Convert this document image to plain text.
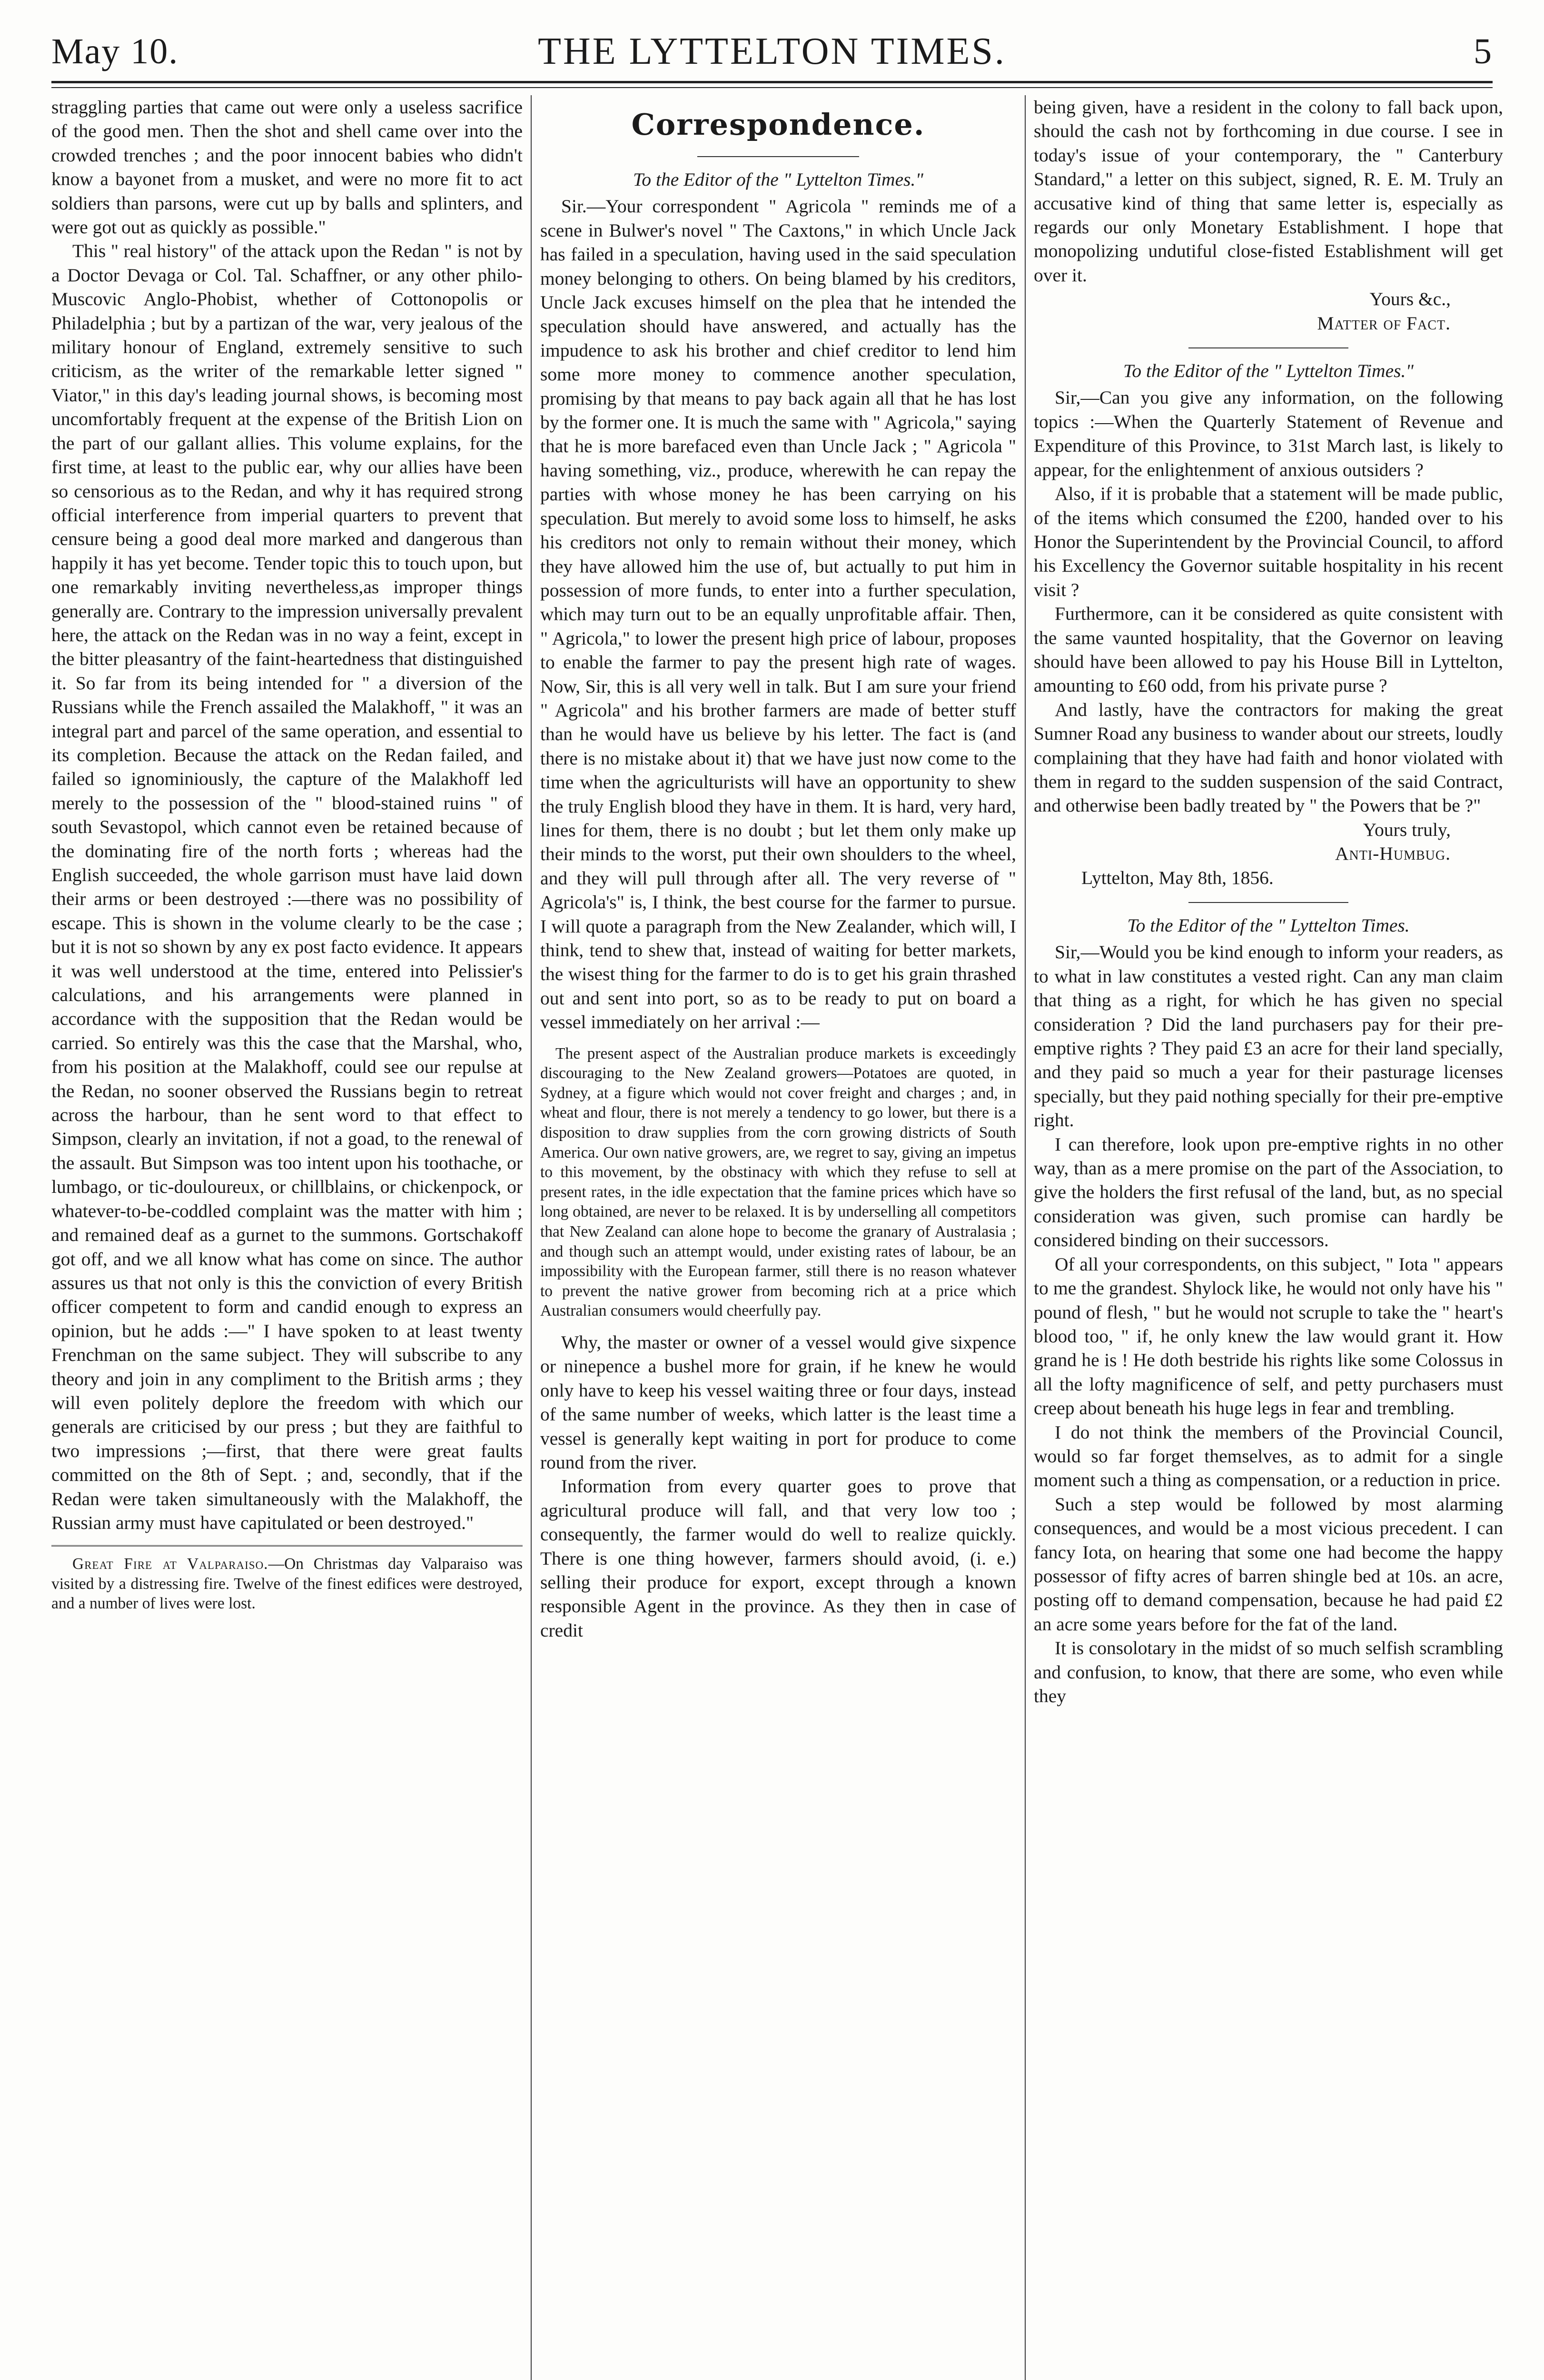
May 10.	THE LYTTELTON TIMES.	5

straggling parties that came out were only a useless sacrifice of the good men. Then the shot and shell came over into the crowded trenches ; and the poor innocent babies who didn't know a bayonet from a musket, and were no more fit to act soldiers than parsons, were cut up by balls and splinters, and were got out as quickly as possible."

This " real history" of the attack upon the Redan " is not by a Doctor Devaga or Col. Tal. Schaffner, or any other philo-Muscovic Anglo-Phobist, whether of Cottonopolis or Philadelphia ; but by a partizan of the war, very jealous of the military honour of England, extremely sensitive to such criticism, as the writer of the remarkable letter signed " Viator," in this day's leading journal shows, is becoming most uncomfortably frequent at the expense of the British Lion on the part of our gallant allies. This volume explains, for the first time, at least to the public ear, why our allies have been so censorious as to the Redan, and why it has required strong official interference from imperial quarters to prevent that censure being a good deal more marked and dangerous than happily it has yet become. Tender topic this to touch upon, but one remarkably inviting nevertheless,as improper things generally are. Contrary to the impression universally prevalent here, the attack on the Redan was in no way a feint, except in the bitter pleasantry of the faint-heartedness that distinguished it. So far from its being intended for " a diversion of the Russians while the French assailed the Malakhoff, " it was an integral part and parcel of the same operation, and essential to its completion. Because the attack on the Redan failed, and failed so ignominiously, the capture of the Malakhoff led merely to the possession of the " blood-stained ruins " of south Sevastopol, which cannot even be retained because of the dominating fire of the north forts ; whereas had the English succeeded, the whole garrison must have laid down their arms or been destroyed :—there was no possibility of escape. This is shown in the volume clearly to be the case ; but it is not so shown by any ex post facto evidence. It appears it was well understood at the time, entered into Pelissier's calculations, and his arrangements were planned in accordance with the supposition that the Redan would be carried. So entirely was this the case that the Marshal, who, from his position at the Malakhoff, could see our repulse at the Redan, no sooner observed the Russians begin to retreat across the harbour, than he sent word to that effect to Simpson, clearly an invitation, if not a goad, to the renewal of the assault. But Simpson was too intent upon his toothache, or lumbago, or tic-douloureux, or chillblains, or chickenpock, or whatever-to-be-coddled complaint was the matter with him ; and remained deaf as a gurnet to the summons. Gortschakoff got off, and we all know what has come on since. The author assures us that not only is this the conviction of every British officer competent to form and candid enough to express an opinion, but he adds :—" I have spoken to at least twenty Frenchman on the same subject. They will subscribe to any theory and join in any compliment to the British arms ; they will even politely deplore the freedom with which our generals are criticised by our press ; but they are faithful to two impressions ;—first, that there were great faults committed on the 8th of Sept. ; and, secondly, that if the Redan were taken simultaneously with the Malakhoff, the Russian army must have capitulated or been destroyed."

Great Fire at Valparaiso.—On Christmas day Valparaiso was visited by a distressing fire. Twelve of the finest edifices were destroyed, and a number of lives were lost.

Correspondence.

To the Editor of the " Lyttelton Times."

Sir.—Your correspondent " Agricola " reminds me of a scene in Bulwer's novel " The Caxtons," in which Uncle Jack has failed in a speculation, having used in the said speculation money belonging to others. On being blamed by his creditors, Uncle Jack excuses himself on the plea that he intended the speculation should have answered, and actually has the impudence to ask his brother and chief creditor to lend him some more money to commence another speculation, promising by that means to pay back again all that he has lost by the former one. It is much the same with " Agricola," saying that he is more barefaced even than Uncle Jack ; " Agricola " having something, viz., produce, wherewith he can repay the parties with whose money he has been carrying on his speculation. But merely to avoid some loss to himself, he asks his creditors not only to remain without their money, which they have allowed him the use of, but actually to put him in possession of more funds, to enter into a further speculation, which may turn out to be an equally unprofitable affair. Then, " Agricola," to lower the present high price of labour, proposes to enable the farmer to pay the present high rate of wages. Now, Sir, this is all very well in talk. But I am sure your friend " Agricola" and his brother farmers are made of better stuff than he would have us believe by his letter. The fact is (and there is no mistake about it) that we have just now come to the time when the agriculturists will have an opportunity to shew the truly English blood they have in them. It is hard, very hard, lines for them, there is no doubt ; but let them only make up their minds to the worst, put their own shoulders to the wheel, and they will pull through after all. The very reverse of " Agricola's" is, I think, the best course for the farmer to pursue. I will quote a paragraph from the New Zealander, which will, I think, tend to shew that, instead of waiting for better markets, the wisest thing for the farmer to do is to get his grain thrashed out and sent into port, so as to be ready to put on board a vessel immediately on her arrival :—

The present aspect of the Australian produce markets is exceedingly discouraging to the New Zealand growers—Potatoes are quoted, in Sydney, at a figure which would not cover freight and charges ; and, in wheat and flour, there is not merely a tendency to go lower, but there is a disposition to draw supplies from the corn growing districts of South America. Our own native growers, are, we regret to say, giving an impetus to this movement, by the obstinacy with which they refuse to sell at present rates, in the idle expectation that the famine prices which have so long obtained, are never to be relaxed. It is by underselling all competitors that New Zealand can alone hope to become the granary of Australasia ; and though such an attempt would, under existing rates of labour, be an impossibility with the European farmer, still there is no reason whatever to prevent the native grower from becoming rich at a price which Australian consumers would cheerfully pay.

Why, the master or owner of a vessel would give sixpence or ninepence a bushel more for grain, if he knew he would only have to keep his vessel waiting three or four days, instead of the same number of weeks, which latter is the least time a vessel is generally kept waiting in port for produce to come round from the river.

Information from every quarter goes to prove that agricultural produce will fall, and that very low too ; consequently, the farmer would do well to realize quickly. There is one thing however, farmers should avoid, (i. e.) selling their produce for export, except through a known responsible Agent in the province. As they then in case of credit

being given, have a resident in the colony to fall back upon, should the cash not by forthcoming in due course. I see in today's issue of your contemporary, the " Canterbury Standard," a letter on this subject, signed, R. E. M. Truly an accusative kind of thing that same letter is, especially as regards our only Monetary Establishment. I hope that monopolizing undutiful close-fisted Establishment will get over it.

Yours &c.,

Matter of Fact.

To the Editor of the " Lyttelton Times."

Sir,—Can you give any information, on the following topics :—When the Quarterly Statement of Revenue and Expenditure of this Province, to 31st March last, is likely to appear, for the enlightenment of anxious outsiders ?

Also, if it is probable that a statement will be made public, of the items which consumed the £200, handed over to his Honor the Superintendent by the Provincial Council, to afford his Excellency the Governor suitable hospitality in his recent visit ?

Furthermore, can it be considered as quite consistent with the same vaunted hospitality, that the Governor on leaving should have been allowed to pay his House Bill in Lyttelton, amounting to £60 odd, from his private purse ?

And lastly, have the contractors for making the great Sumner Road any business to wander about our streets, loudly complaining that they have had faith and honor violated with them in regard to the sudden suspension of the said Contract, and otherwise been badly treated by " the Powers that be ?"

Yours truly,

Anti-Humbug.

Lyttelton, May 8th, 1856.

To the Editor of the " Lyttelton Times.

Sir,—Would you be kind enough to inform your readers, as to what in law constitutes a vested right. Can any man claim that thing as a right, for which he has given no special consideration ? Did the land purchasers pay for their pre-emptive rights ? They paid £3 an acre for their land specially, and they paid so much a year for their pasturage licenses specially, but they paid nothing specially for their pre-emptive right.

I can therefore, look upon pre-emptive rights in no other way, than as a mere promise on the part of the Association, to give the holders the first refusal of the land, but, as no special consideration was given, such promise can hardly be considered binding on their successors.

Of all your correspondents, on this subject, " Iota " appears to me the grandest. Shylock like, he would not only have his " pound of flesh, " but he would not scruple to take the " heart's blood too, " if, he only knew the law would grant it. How grand he is ! He doth bestride his rights like some Colossus in all the lofty magnificence of self, and petty purchasers must creep about beneath his huge legs in fear and trembling.

I do not think the members of the Provincial Council, would so far forget themselves, as to admit for a single moment such a thing as compensation, or a reduction in price.

Such a step would be followed by most alarming consequences, and would be a most vicious precedent. I can fancy Iota, on hearing that some one had become the happy possessor of fifty acres of barren shingle bed at 10s. an acre, posting off to demand compensation, because he had paid £2 an acre some years before for the fat of the land.

It is consolotary in the midst of so much selfish scrambling and confusion, to know, that there are some, who even while they
